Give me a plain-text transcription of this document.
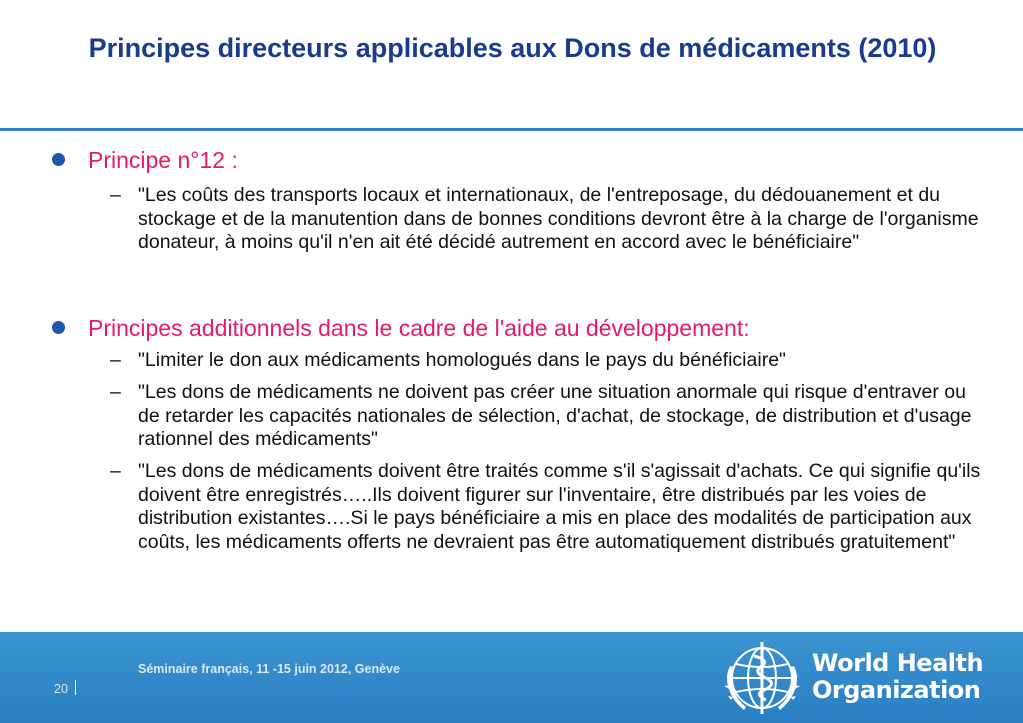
Principes directeurs applicables aux Dons de médicaments (2010)
Principe n°12 :
– "Les coûts des transports locaux et internationaux, de l'entreposage, du dédouanement et du stockage et de la manutention dans de bonnes conditions devront être à la charge de l'organisme donateur, à moins qu'il n'en ait été décidé autrement en accord avec le bénéficiaire"
Principes additionnels dans le cadre de l'aide au développement:
– "Limiter le don aux médicaments homologués dans le pays du bénéficiaire"
– "Les dons de médicaments ne doivent pas créer une situation anormale qui risque d'entraver ou de retarder les capacités nationales de sélection, d'achat, de stockage, de distribution et d'usage rationnel des médicaments"
– "Les dons de médicaments doivent être traités comme s'il s'agissait d'achats. Ce qui signifie qu'ils doivent être enregistrés…..Ils doivent figurer sur l'inventaire, être distribués par les voies de distribution existantes….Si le pays bénéficiaire a mis en place des modalités de participation aux coûts, les médicaments offerts ne devraient pas être automatiquement distribués gratuitement"
Séminaire français, 11 -15 juin 2012, Genève
20
World Health
Organization
